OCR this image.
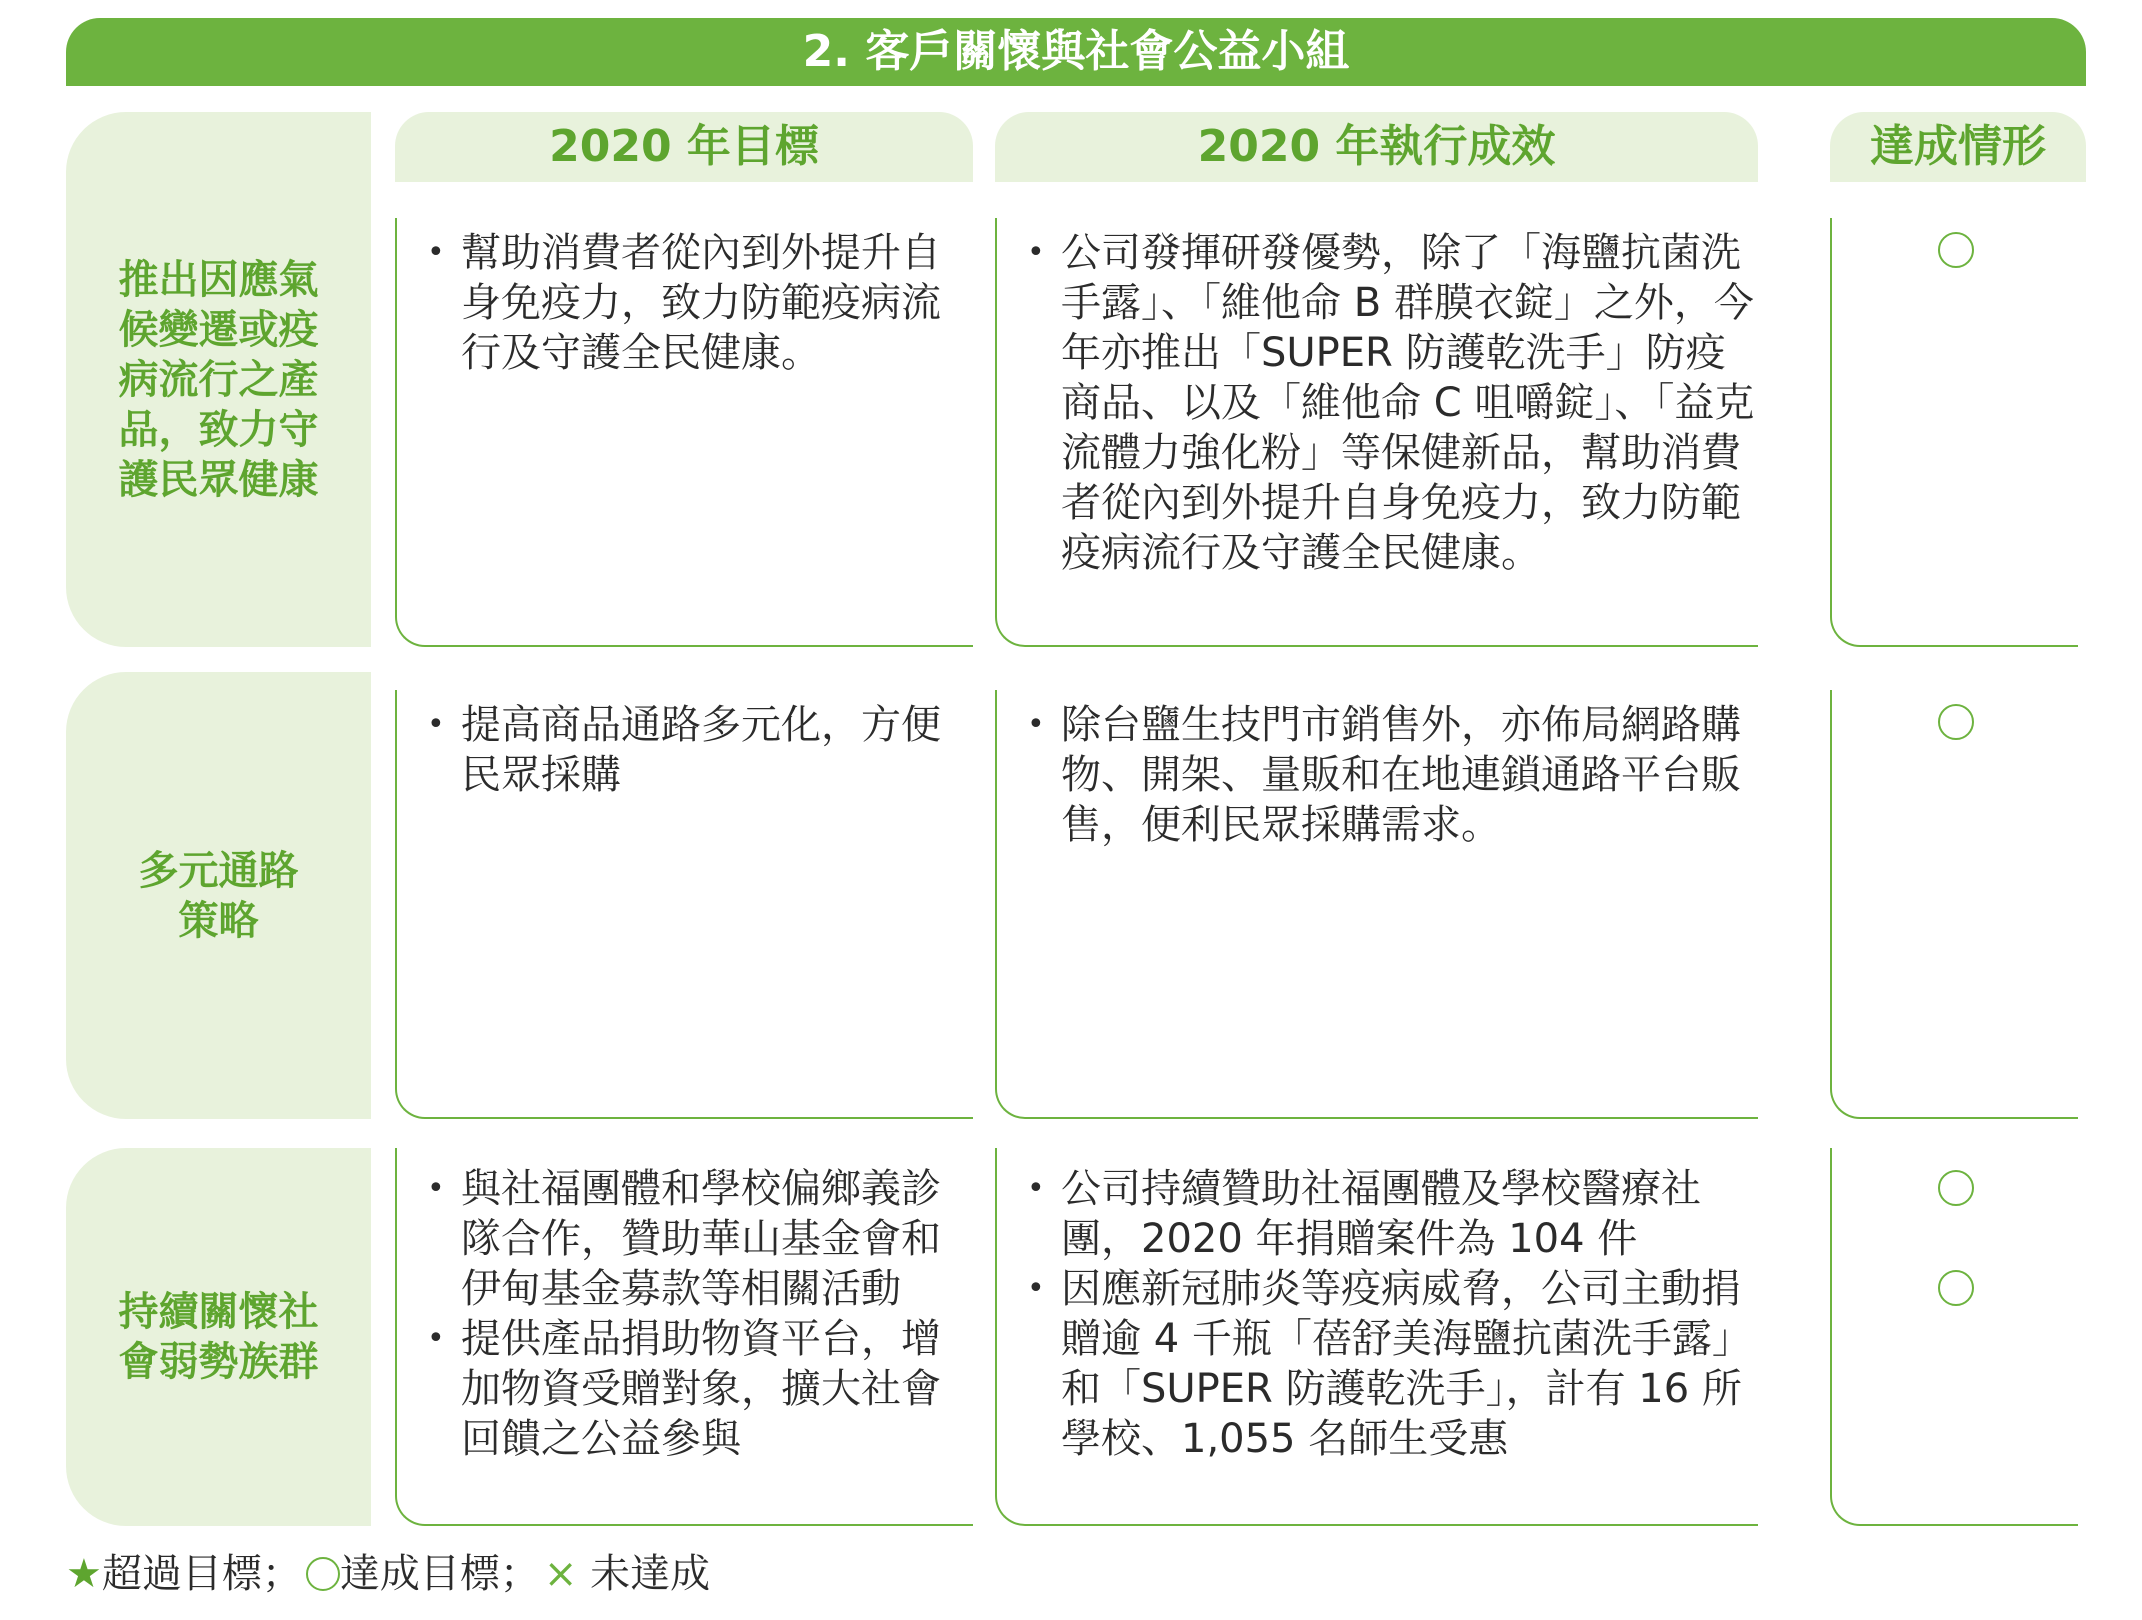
2. 客戶關懷與社會公益小組
2020 年目標	2020 年執行成效	達成情形
推出因應氣
候變遷或疫
病流行之產
品，致力守
護民眾健康
• 幫助消費者從內到外提升自身免疫力，致力防範疫病流行及守護全民健康。
• 公司發揮研發優勢，除了「海鹽抗菌洗手露」、「維他命 B 群膜衣錠」之外，今年亦推出「SUPER 防護乾洗手」防疫商品、以及「維他命 C 咀嚼錠」、「益克流體力強化粉」等保健新品，幫助消費者從內到外提升自身免疫力，致力防範疫病流行及守護全民健康。
多元通路
策略
• 提高商品通路多元化，方便民眾採購
• 除台鹽生技門市銷售外，亦佈局網路購物、開架、量販和在地連鎖通路平台販售，便利民眾採購需求。
持續關懷社
會弱勢族群
• 與社福團體和學校偏鄉義診隊合作，贊助華山基金會和伊甸基金募款等相關活動
• 提供產品捐助物資平台，增加物資受贈對象，擴大社會回饋之公益參與
• 公司持續贊助社福團體及學校醫療社團，2020 年捐贈案件為 104 件
• 因應新冠肺炎等疫病威脅，公司主動捐贈逾 4 千瓶「蓓舒美海鹽抗菌洗手露」和「SUPER 防護乾洗手」，計有 16 所學校、1,055 名師生受惠
★ 超過目標； 達成目標； × 未達成
